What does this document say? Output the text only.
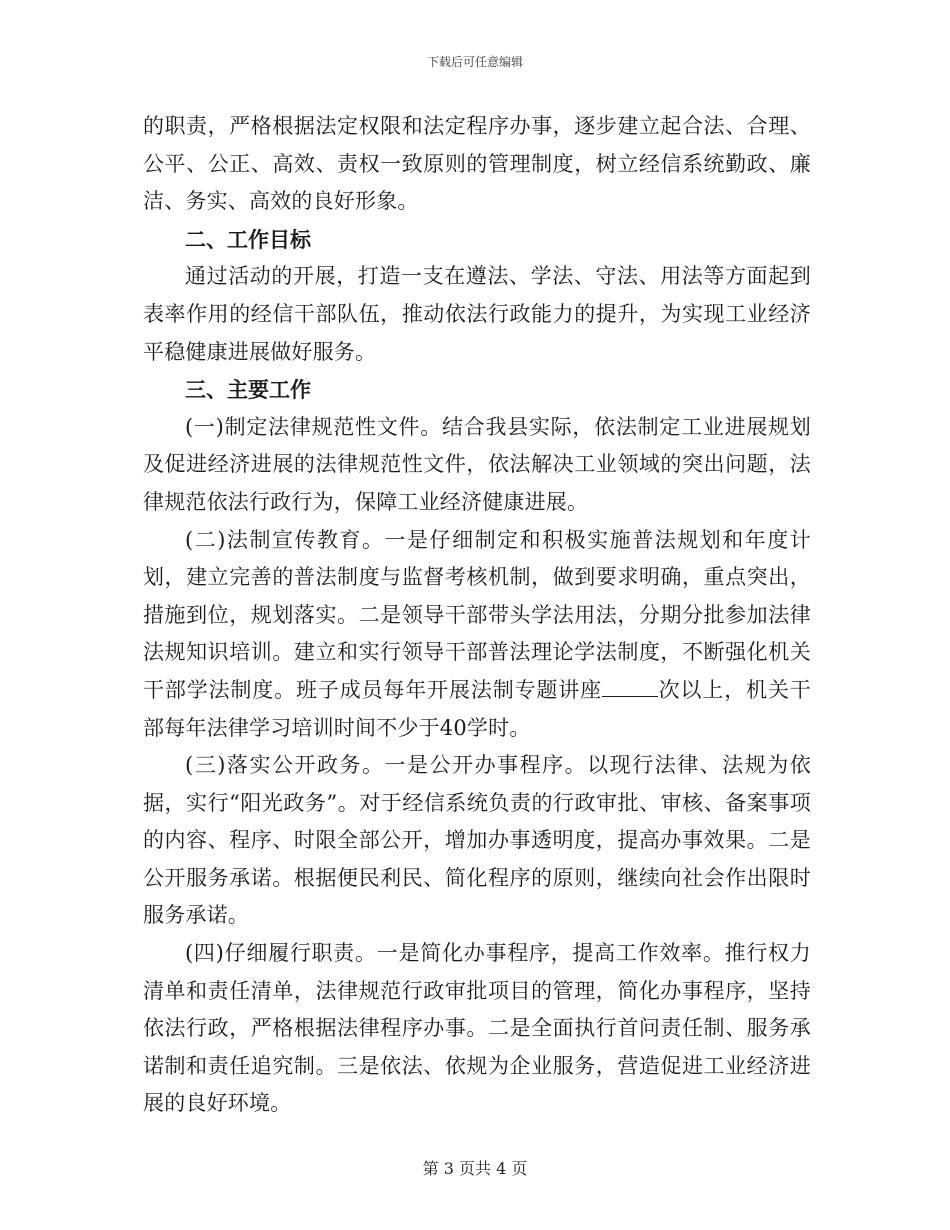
下载后可任意编辑

的职责，严格根据法定权限和法定程序办事，逐步建立起合法、合理、公平、公正、高效、责权一致原则的管理制度，树立经信系统勤政、廉洁、务实、高效的良好形象。

二、工作目标

通过活动的开展，打造一支在遵法、学法、守法、用法等方面起到表率作用的经信干部队伍，推动依法行政能力的提升，为实现工业经济平稳健康进展做好服务。

三、主要工作

(一)制定法律规范性文件。结合我县实际，依法制定工业进展规划及促进经济进展的法律规范性文件，依法解决工业领域的突出问题，法律规范依法行政行为，保障工业经济健康进展。

(二)法制宣传教育。一是仔细制定和积极实施普法规划和年度计划，建立完善的普法制度与监督考核机制，做到要求明确，重点突出，措施到位，规划落实。二是领导干部带头学法用法，分期分批参加法律法规知识培训。建立和实行领导干部普法理论学法制度，不断强化机关干部学法制度。班子成员每年开展法制专题讲座	次以上，机关干部每年法律学习培训时间不少于40学时。

(三)落实公开政务。一是公开办事程序。以现行法律、法规为依据，实行“阳光政务”。对于经信系统负责的行政审批、审核、备案事项的内容、程序、时限全部公开，增加办事透明度，提高办事效果。二是公开服务承诺。根据便民利民、简化程序的原则，继续向社会作出限时服务承诺。

(四)仔细履行职责。一是简化办事程序，提高工作效率。推行权力清单和责任清单，法律规范行政审批项目的管理，简化办事程序，坚持依法行政，严格根据法律程序办事。二是全面执行首问责任制、服务承诺制和责任追究制。三是依法、依规为企业服务，营造促进工业经济进展的良好环境。

第 3 页共 4 页
